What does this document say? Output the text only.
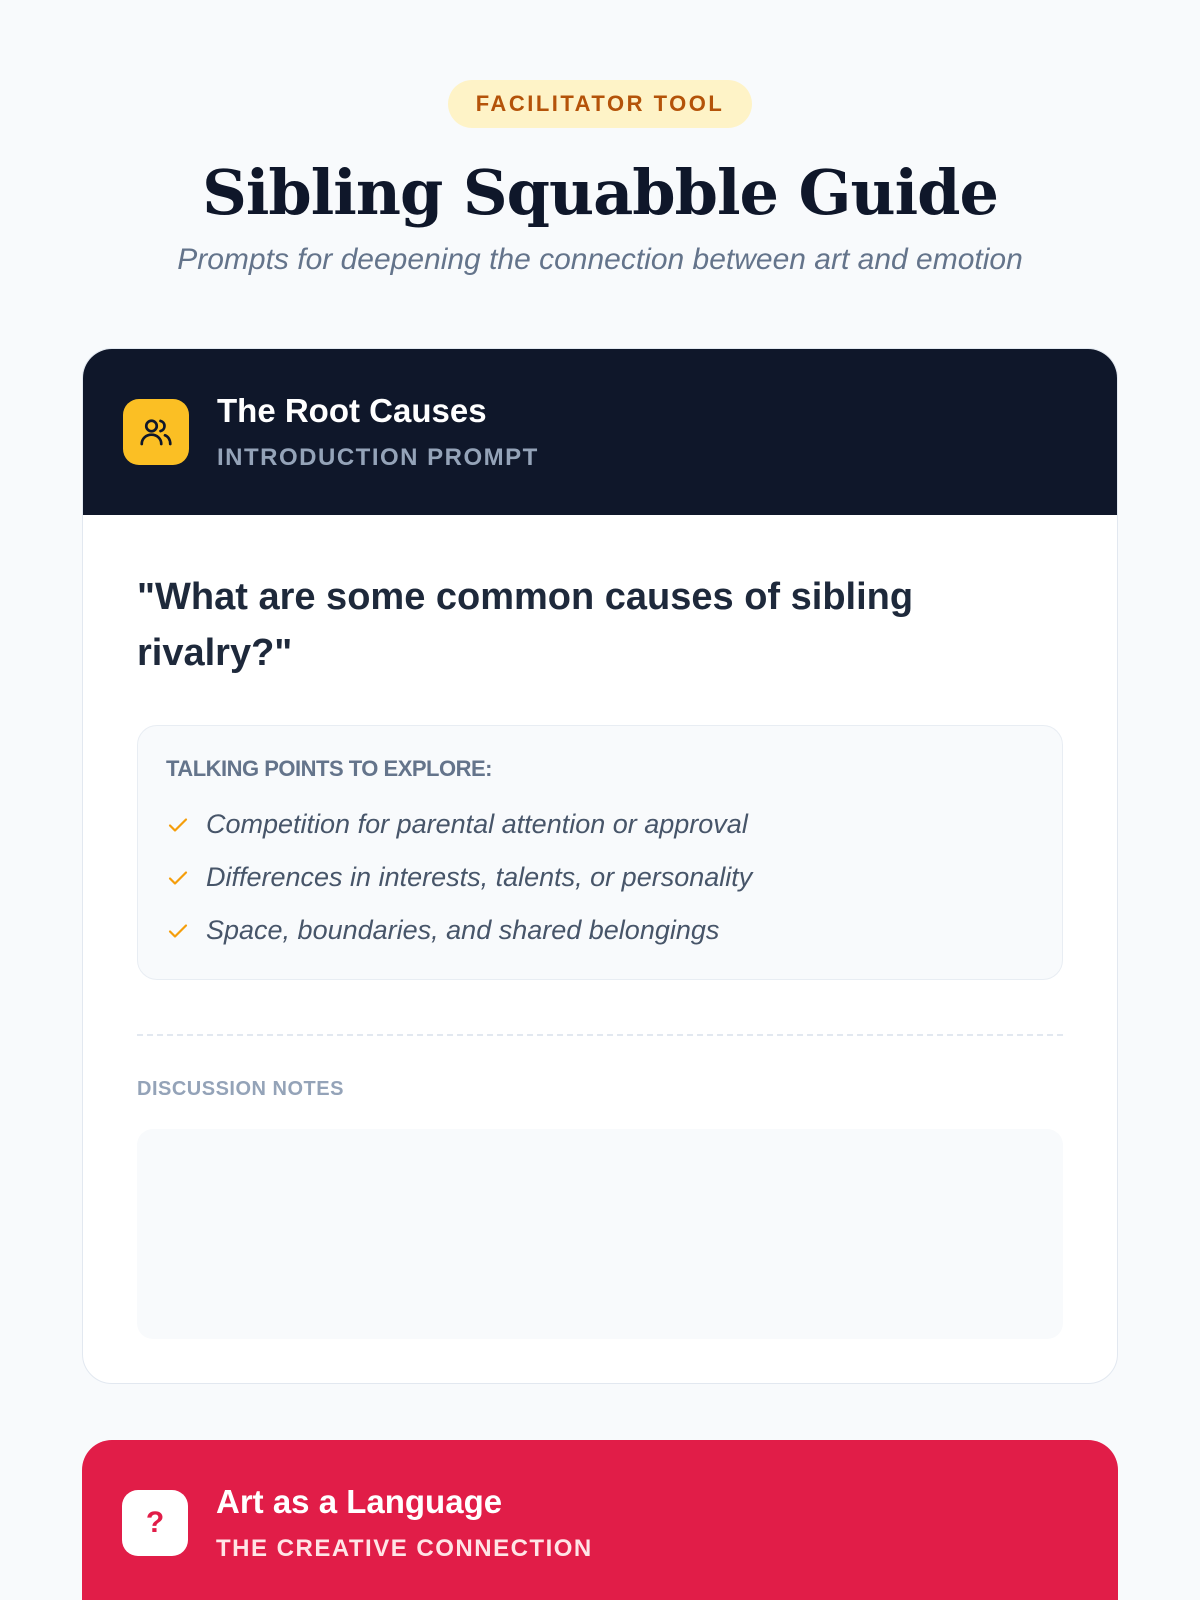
FACILITATOR TOOL
Sibling Squabble Guide

Prompts for deepening the connection between art and emotion

The Root Causes
INTRODUCTION PROMPT
"What are some common causes of sibling rivalry?"
TALKING POINTS TO EXPLORE:
Competition for parental attention or approval
Differences in interests, talents, or personality
Space, boundaries, and shared belongings
DISCUSSION NOTES
?
Art as a Language
THE CREATIVE CONNECTION
